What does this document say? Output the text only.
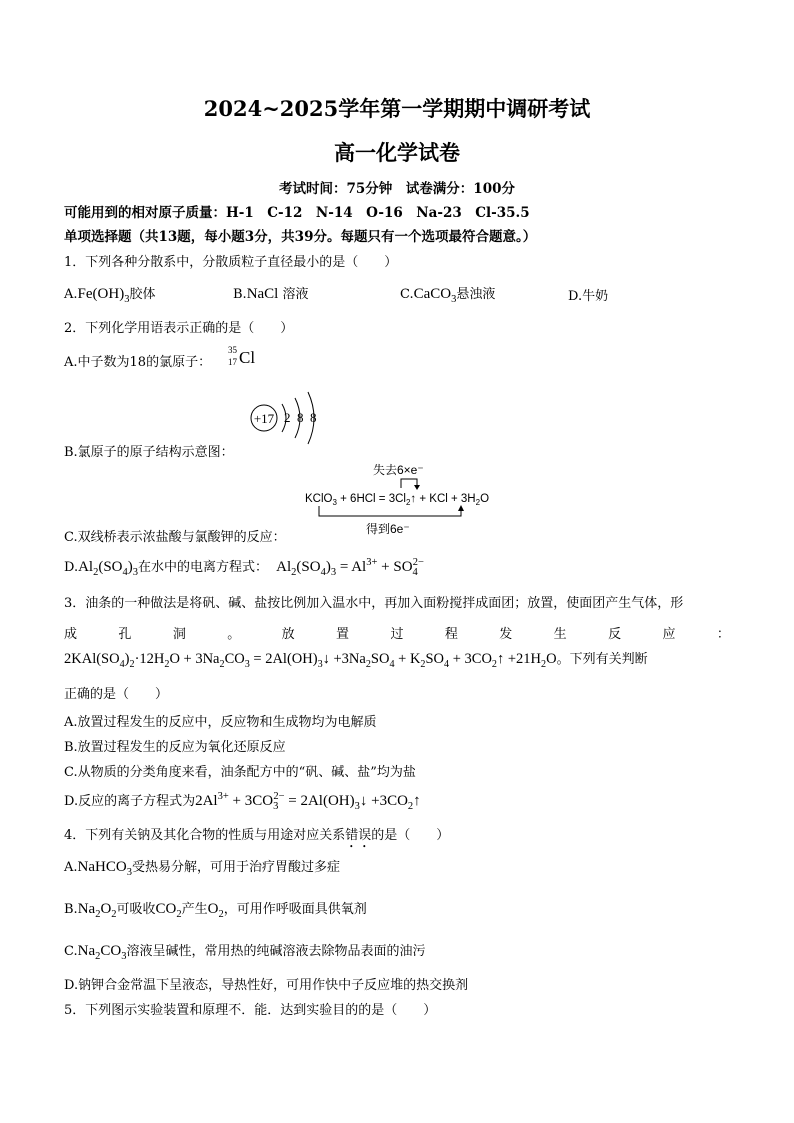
2024~2025学年第一学期期中调研考试
高一化学试卷
考试时间：75分钟　试卷满分：100分
可能用到的相对原子质量：H-1　C-12　N-14　O-16　Na-23　Cl-35.5
单项选择题（共13题，每小题3分，共39分。每题只有一个选项最符合题意。）
1．下列各种分散系中，分散质粒子直径最小的是（　　）
$A.Fe(OH)_3$胶体	B.NaCl 溶液	C.CaCO$_3$悬浊液	D.牛奶
2．下列化学用语表示正确的是（　　）
A.中子数为18的氯原子：
35
17 Cl
+17 2 8 8
B.氯原子的原子结构示意图：
失去6×e⁻
KClO$_3$ + $6HCl = 3Cl_2↑$ + KCl + $3H_2O$
得到6e⁻
C.双线桥表示浓盐酸与氯酸钾的反应：
$D.Al_2(SO_4)_3$在水中的电离方程式： $Al_2(SO_4)_3 = Al^{3+} + SO_4^{2-}$
3．油条的一种做法是将矾、碱、盐按比例加入温水中，再加入面粉搅拌成面团；放置，使面团产生气体，形
成	孔	洞	。	放	置	过	程	发	生	反	应	：
$2KAl(SO_4)_2\cdot 12H_2O + 3Na_2CO_3$ = $2Al(OH)_3↓ +3Na_2SO_4 + K_2SO_4$ + $3CO_2↑ +21H_2O$。下列有关判断
正确的是（　　）
A.放置过程发生的反应中，反应物和生成物均为电解质
B.放置过程发生的反应为氧化还原反应
C.从物质的分类角度来看，油条配方中的“矾、碱、盐”均为盐
D.反应的离子方程式为$2Al^{3+} + 3CO_3^{2-}$ = $2Al(OH)_3↓$ $+3CO_2↑$
4．下列有关钠及其化合物的性质与用途对应关系错误的是（　　）
A.NaHCO$_3$受热易分解，可用于治疗胃酸过多症
$B.Na_2O_2$可吸收$CO_2$产生$O_2$，可用作呼吸面具供氧剂
$C.Na_2CO_3$溶液呈碱性，常用热的纯碱溶液去除物品表面的油污
D.钠钾合金常温下呈液态，导热性好，可用作快中子反应堆的热交换剂
5．下列图示实验装置和原理不．能．达到实验目的的是（　　）
